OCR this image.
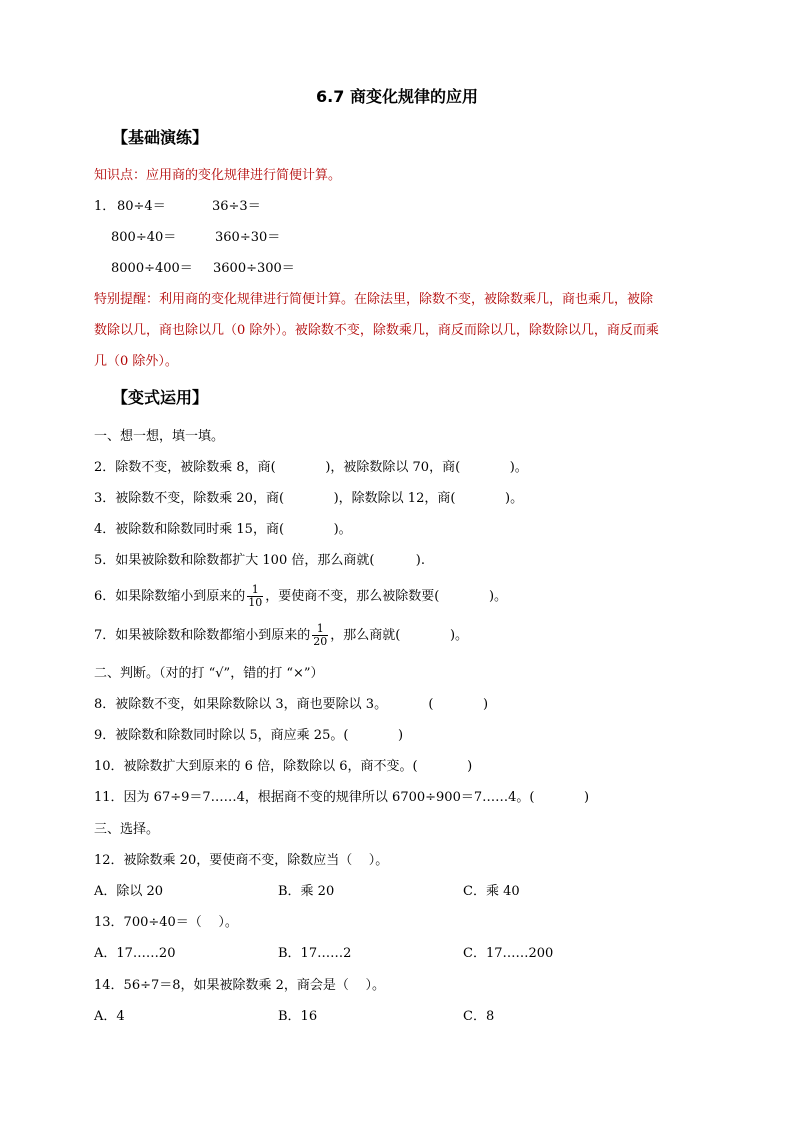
6.7 商变化规律的应用
【基础演练】
知识点：应用商的变化规律进行简便计算。
1． 80÷4＝	36÷3＝
800÷40＝	360÷30＝
8000÷400＝ 3600÷300＝
特别提醒：利用商的变化规律进行简便计算。在除法里，除数不变，被除数乘几，商也乘几，被除
数除以几，商也除以几（0 除外）。被除数不变，除数乘几，商反而除以几，除数除以几，商反而乘
几（0 除外）。
【变式运用】
一、想一想，填一填。
2．除数不变，被除数乘 8，商(            )，被除数除以 70，商(            )。
3．被除数不变，除数乘 20，商(            )，除数除以 12，商(            )。
4．被除数和除数同时乘 15，商(            )。
5．如果被除数和除数都扩大 100 倍，那么商就(          ).
6．如果除数缩小到原来的 $\frac{1}{10}$ ，要使商不变，那么被除数要(            )。
7．如果被除数和除数都缩小到原来的 $\frac{1}{20}$ ，那么商就(            )。
二、判断。（对的打 “√”，错的打 “×”）
8．被除数不变，如果除数除以 3，商也要除以 3。          (            )
9．被除数和除数同时除以 5，商应乘 25。(            )
10．被除数扩大到原来的 6 倍，除数除以 6，商不变。(            )
11．因为 67÷9＝7……4，根据商不变的规律所以 6700÷900＝7……4。(            )
三、选择。
12．被除数乘 20，要使商不变，除数应当（    ）。
A．除以 20	B．乘 20	C．乘 40
13．700÷40＝（    ）。
A．17……20	B．17……2	C．17……200
14．56÷7＝8，如果被除数乘 2，商会是（    ）。
A．4	B．16	C．8
